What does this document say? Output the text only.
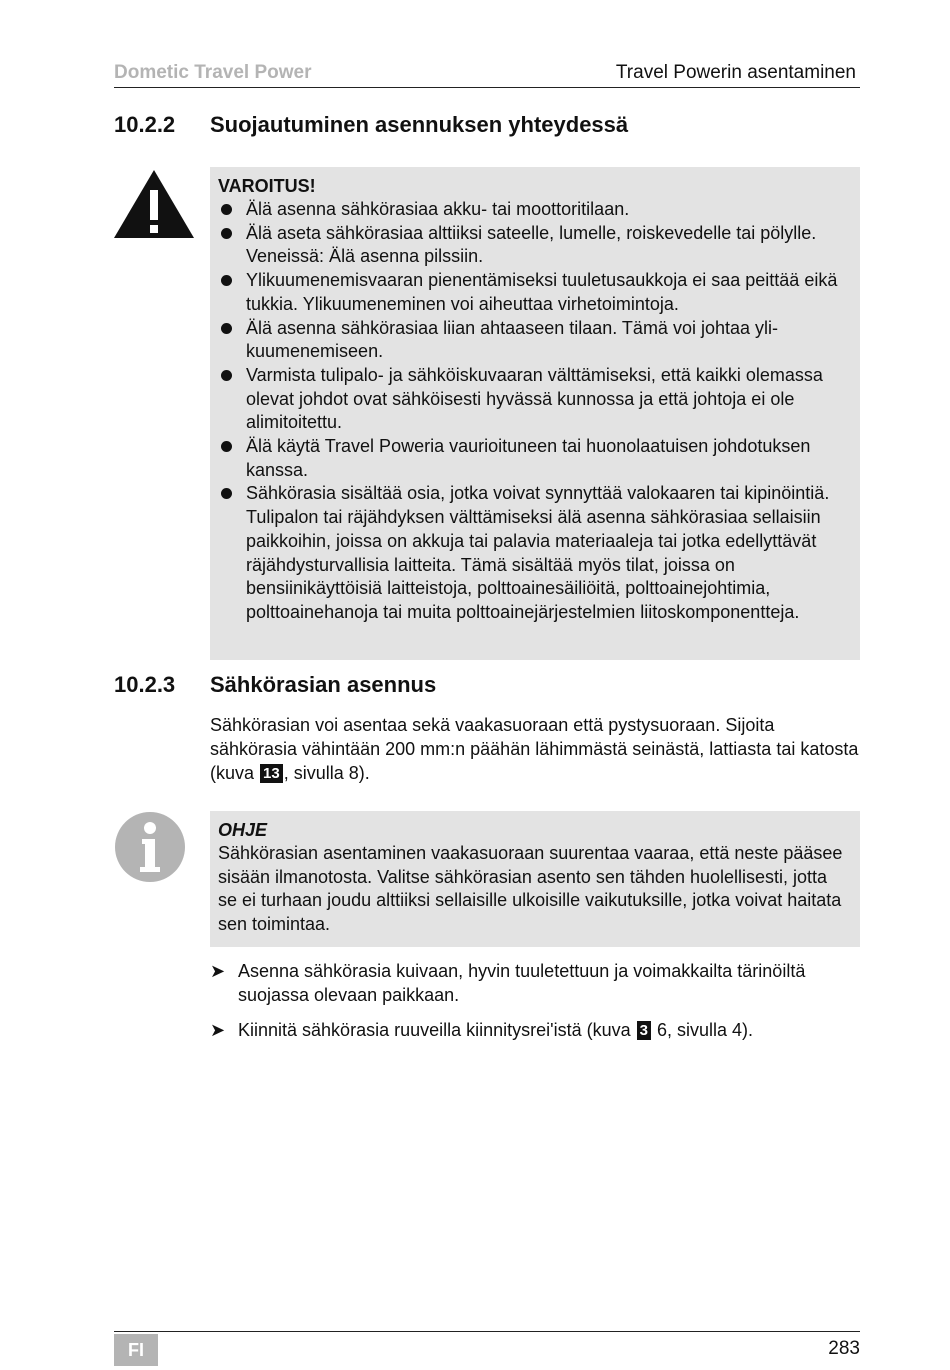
Dometic Travel Power	Travel Powerin asentaminen
10.2.2 Suojautuminen asennuksen yhteydessä
VAROITUS!
Älä asenna sähkörasiaa akku- tai moottoritilaan.
Älä aseta sähkörasiaa alttiiksi sateelle, lumelle, roiskevedelle tai pölylle. Veneissä: Älä asenna pilssiin.
Ylikuumenemisvaaran pienentämiseksi tuuletusaukkoja ei saa peittää eikä tukkia. Ylikuumeneminen voi aiheuttaa virhetoimintoja.
Älä asenna sähkörasiaa liian ahtaaseen tilaan. Tämä voi johtaa ylikuumenemiseen.
Varmista tulipalo- ja sähköiskuvaaran välttämiseksi, että kaikki olemassa olevat johdot ovat sähköisesti hyvässä kunnossa ja että johtoja ei ole alimitoitettu.
Älä käytä Travel Poweria vaurioituneen tai huonolaatuisen johdotuksen kanssa.
Sähkörasia sisältää osia, jotka voivat synnyttää valokaaren tai kipinöintiä. Tulipalon tai räjähdyksen välttämiseksi älä asenna sähkörasiaa sellaisiin paikkoihin, joissa on akkuja tai palavia materiaaleja tai jotka edellyttävät räjähdysturvallisia laitteita. Tämä sisältää myös tilat, joissa on bensiinikäyttöisiä laitteistoja, polttoainesäiliöitä, polttoainejohtimia, polttoainehanoja tai muita polttoainejärjestelmien liitoskomponentteja.
10.2.3 Sähkörasian asennus
Sähkörasian voi asentaa sekä vaakasuoraan että pystysuoraan. Sijoita sähkörasia vähintään 200 mm:n päähän lähimmästä seinästä, lattiasta tai katosta (kuva 13 , sivulla 8).
OHJE
Sähkörasian asentaminen vaakasuoraan suurentaa vaaraa, että neste pääsee sisään ilmanotosta. Valitse sähkörasian asento sen tähden huolellisesti, jotta se ei turhaan joudu alttiiksi sellaisille ulkoisille vaikutuksille, jotka voivat haitata sen toimintaa.
➤ Asenna sähkörasia kuivaan, hyvin tuuletettuun ja voimakkailta tärinöiltä suojassa olevaan paikkaan.
➤ Kiinnitä sähkörasia ruuveilla kiinnitysrei'istä (kuva 3 6, sivulla 4).
FI	283
